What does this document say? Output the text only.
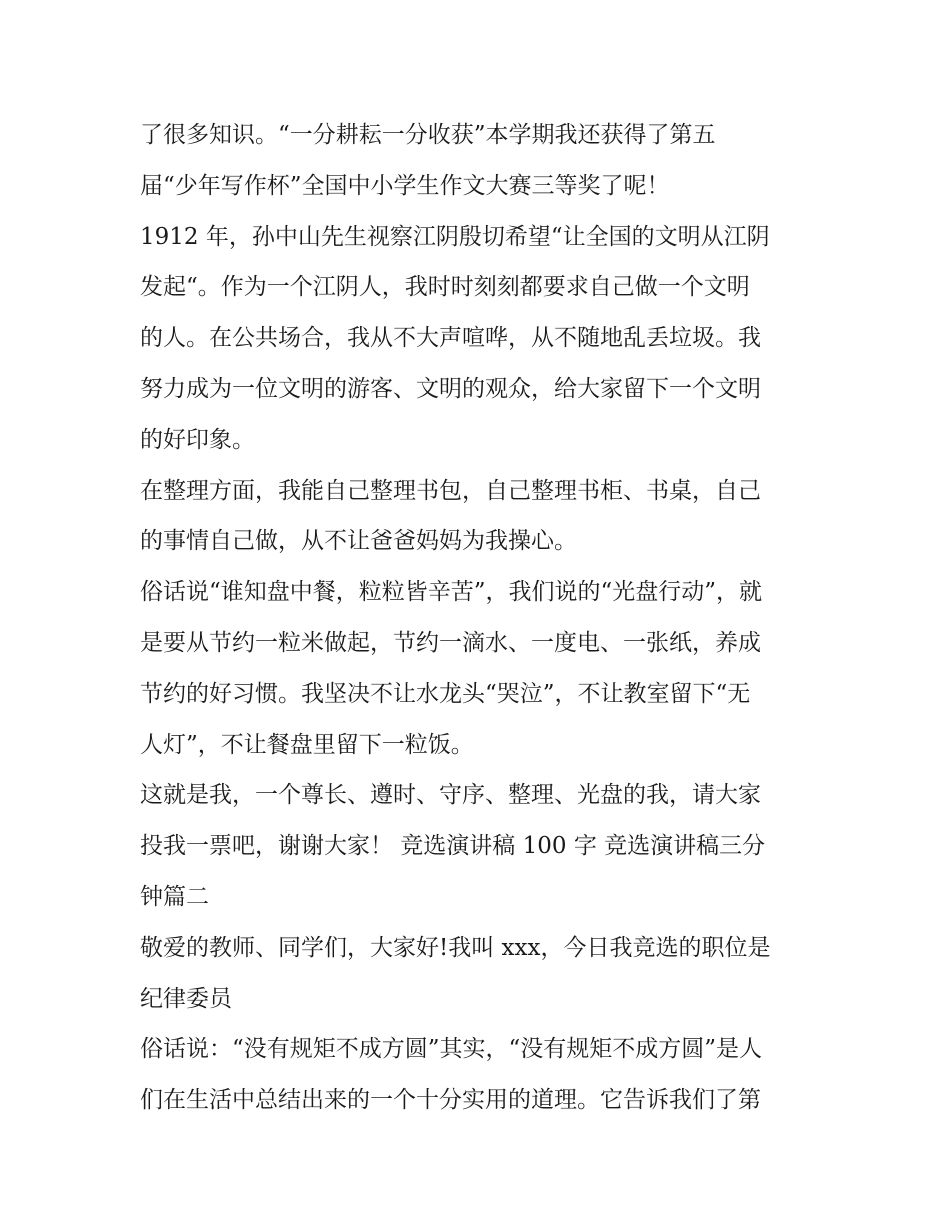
了很多知识。“一分耕耘一分收获”本学期我还获得了第五
届“少年写作杯”全国中小学生作文大赛三等奖了呢！
1912 年，孙中山先生视察江阴殷切希望“让全国的文明从江阴
发起“。作为一个江阴人，我时时刻刻都要求自己做一个文明
的人。在公共场合，我从不大声喧哗，从不随地乱丢垃圾。我
努力成为一位文明的游客、文明的观众，给大家留下一个文明
的好印象。
在整理方面，我能自己整理书包，自己整理书柜、书桌，自己
的事情自己做，从不让爸爸妈妈为我操心。
俗话说“谁知盘中餐，粒粒皆辛苦”，我们说的“光盘行动”，就
是要从节约一粒米做起，节约一滴水、一度电、一张纸，养成
节约的好习惯。我坚决不让水龙头“哭泣”，不让教室留下“无
人灯”，不让餐盘里留下一粒饭。
这就是我，一个尊长、遵时、守序、整理、光盘的我，请大家
投我一票吧，谢谢大家！ 竞选演讲稿 100 字 竞选演讲稿三分
钟篇二
敬爱的教师、同学们，大家好!我叫 xxx，今日我竞选的职位是
纪律委员
俗话说：“没有规矩不成方圆”其实，“没有规矩不成方圆”是人
们在生活中总结出来的一个十分实用的道理。它告诉我们了第
